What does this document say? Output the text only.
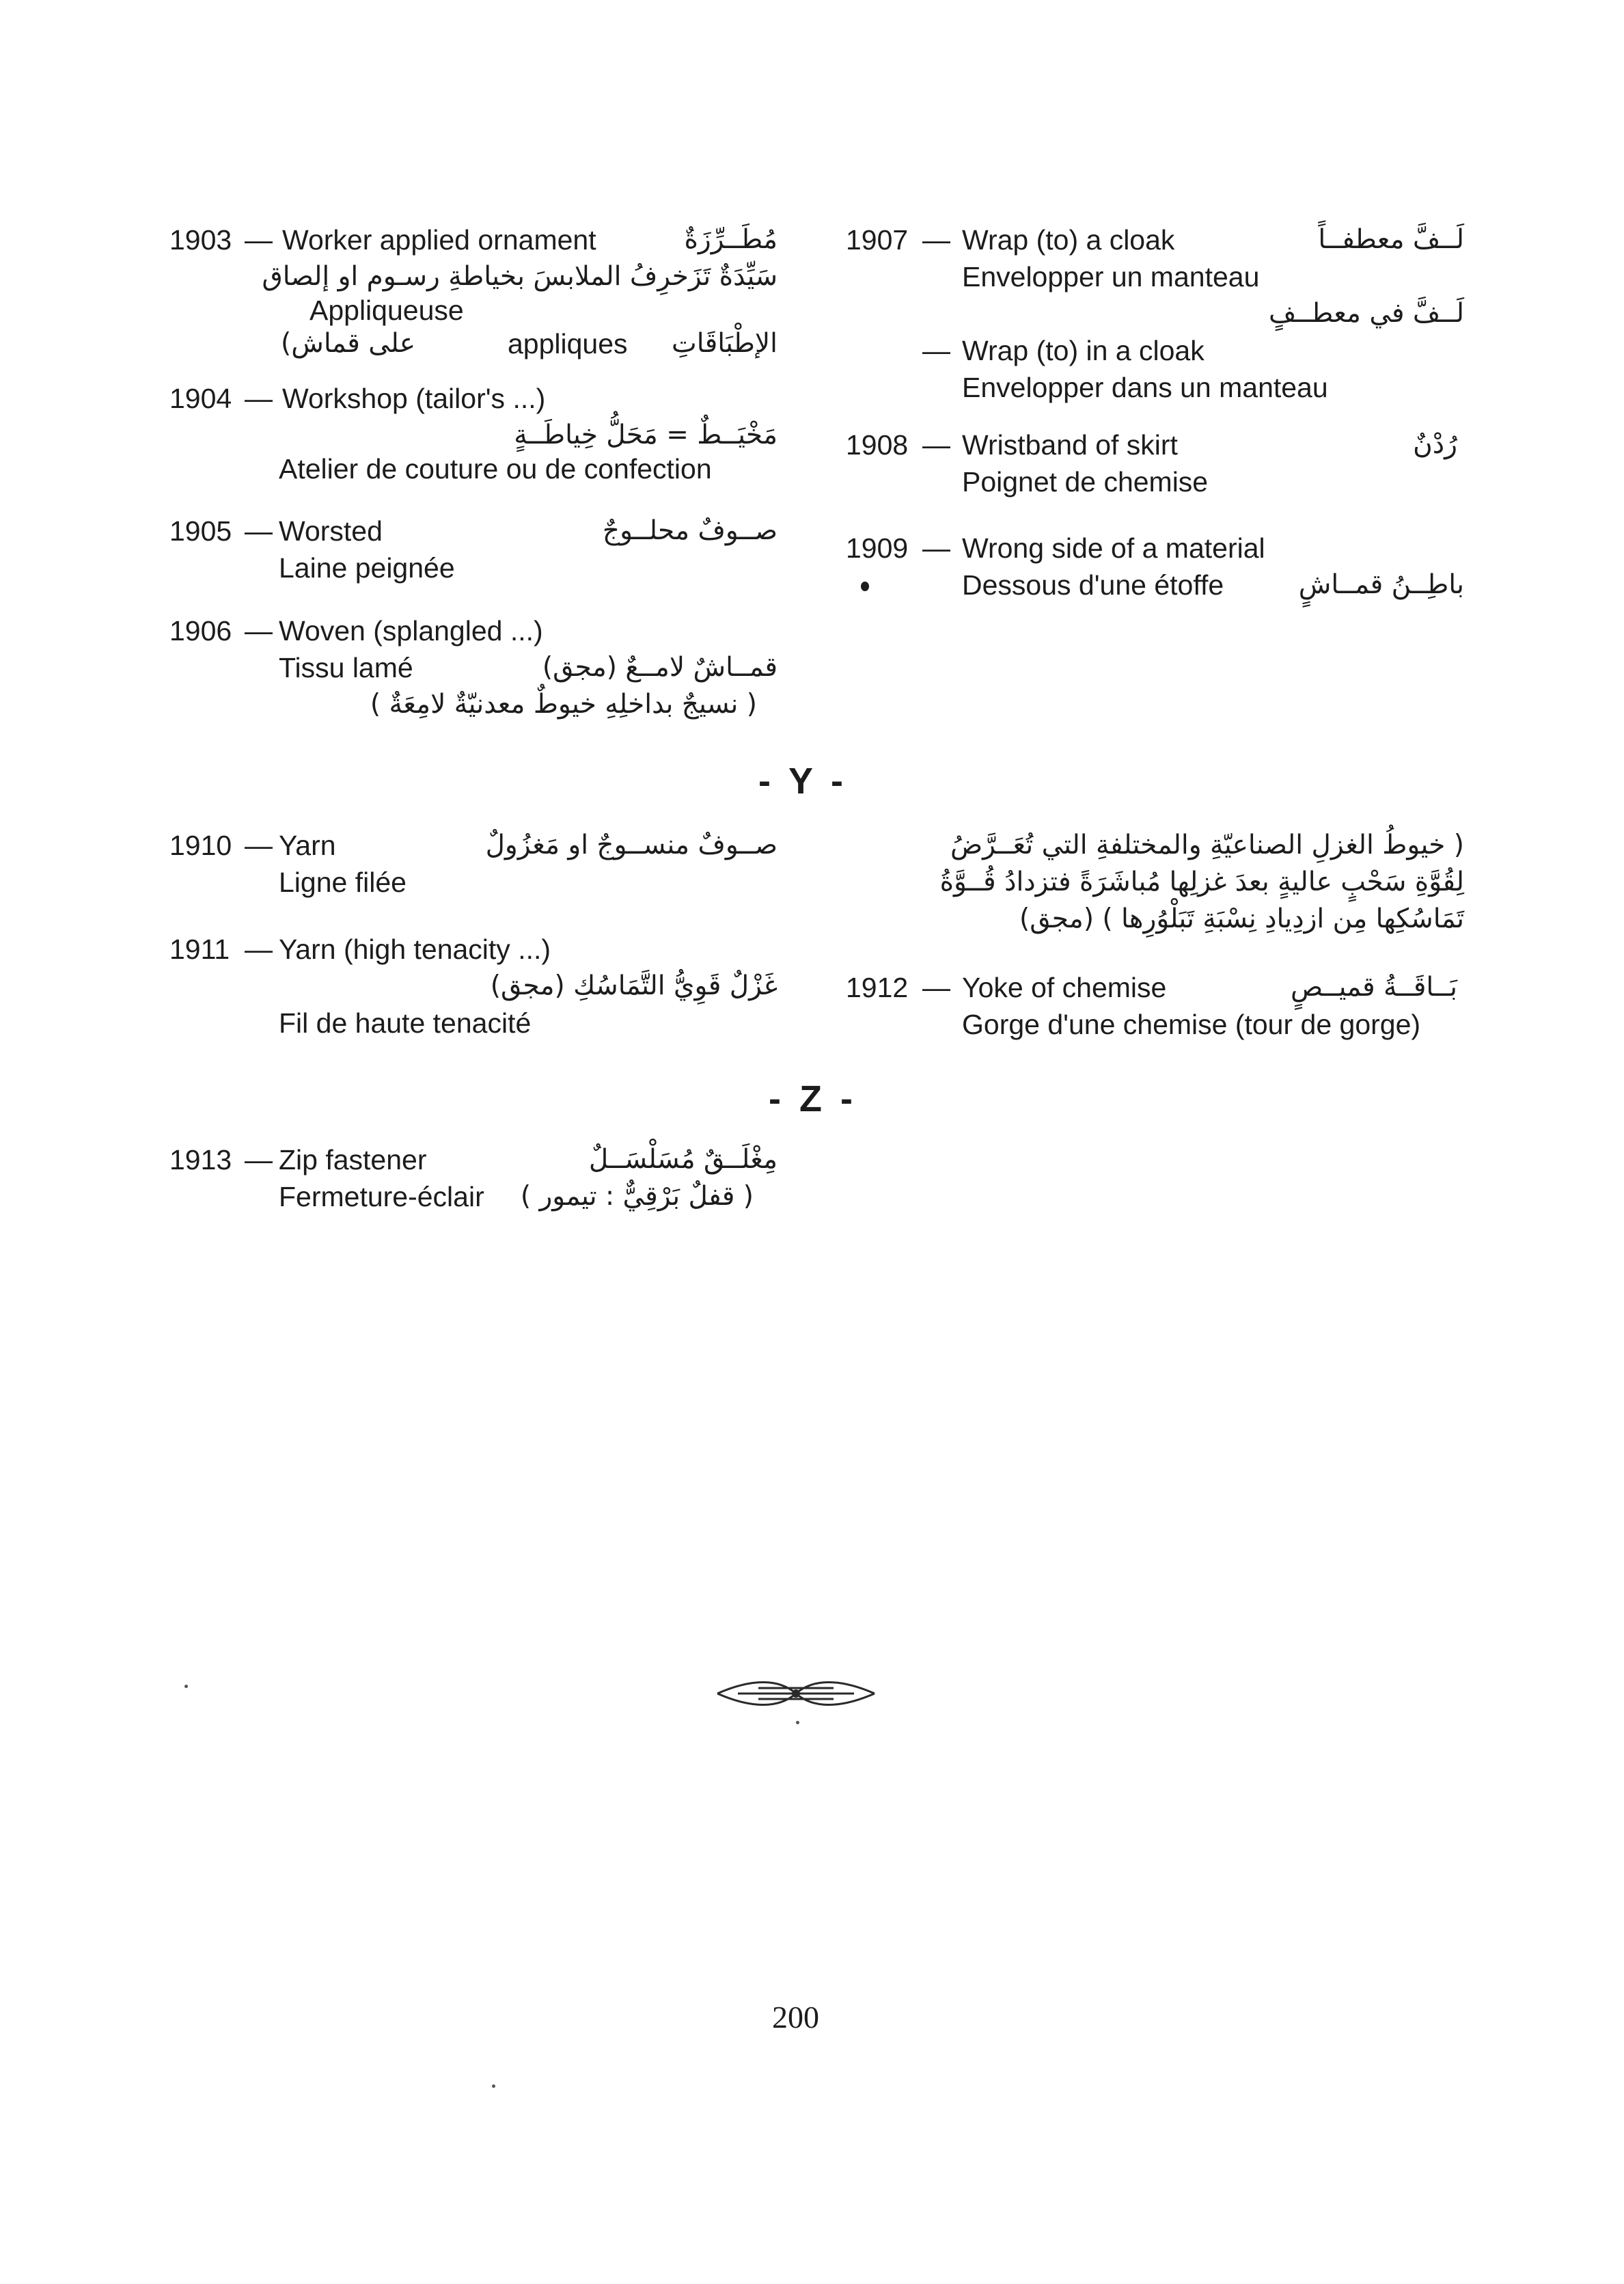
1903 — Worker applied ornament	مُطَــرِّزَةٌ
سَيِّدَةٌ تَزَخرِفُ الملابسَ بخياطةِ رسـوم او إلصاق
Appliqueuse
الإطْبَاقَاتِ
appliques
على قماش)
1904 — Workshop (tailor's ...)
مَخْيَــطٌ = مَحَلُّ خِياطَــةٍ
Atelier de couture ou de confection
1905 — Worsted	صــوفٌ محلــوجٌ
Laine peignée
1906 — Woven (splangled ...)
Tissu lamé	قمــاشٌ لامــعٌ (مجق)
( نسيجٌ بداخلِهِ خيوطٌ معدنيّةٌ لامِعَةٌ )
- Y -
1910 — Yarn	صــوفٌ منســوجٌ او مَغزُولٌ
Ligne filée
1911 — Yarn (high tenacity ...)
غَزْلٌ قَوِيُّ التَّمَاسُكِ (مجق)
Fil de haute tenacité
- Z -
1913 — Zip fastener	مِغْلَــقٌ مُسَلْسَــلٌ
Fermeture-éclair ( قفلٌ بَرْقِيٌّ : تيمور )
1907 — Wrap (to) a cloak	لَــفَّ معطفــاً
Envelopper un manteau
لَــفَّ في معطــفٍ
— Wrap (to) in a cloak
Envelopper dans un manteau
1908 — Wristband of skirt	رُدْنٌ
Poignet de chemise
1909 — Wrong side of a material
Dessous d'une étoffe	باطِــنُ قمــاشٍ
( خيوطُ الغزلِ الصناعيّةِ والمختلفةِ التي تُعَــرَّضُ
لِقُوَّةِ سَحْبٍ عاليةٍ بعدَ غزلِها مُباشَرَةً فتزدادُ قُــوَّةُ
تَمَاسُكِها مِن ازدِيادِ نِسْبَةِ تَبَلْوُرِها ) (مجق)
1912 — Yoke of chemise	بَــاقَــةُ قميــصٍ
Gorge d'une chemise (tour de gorge)
200
